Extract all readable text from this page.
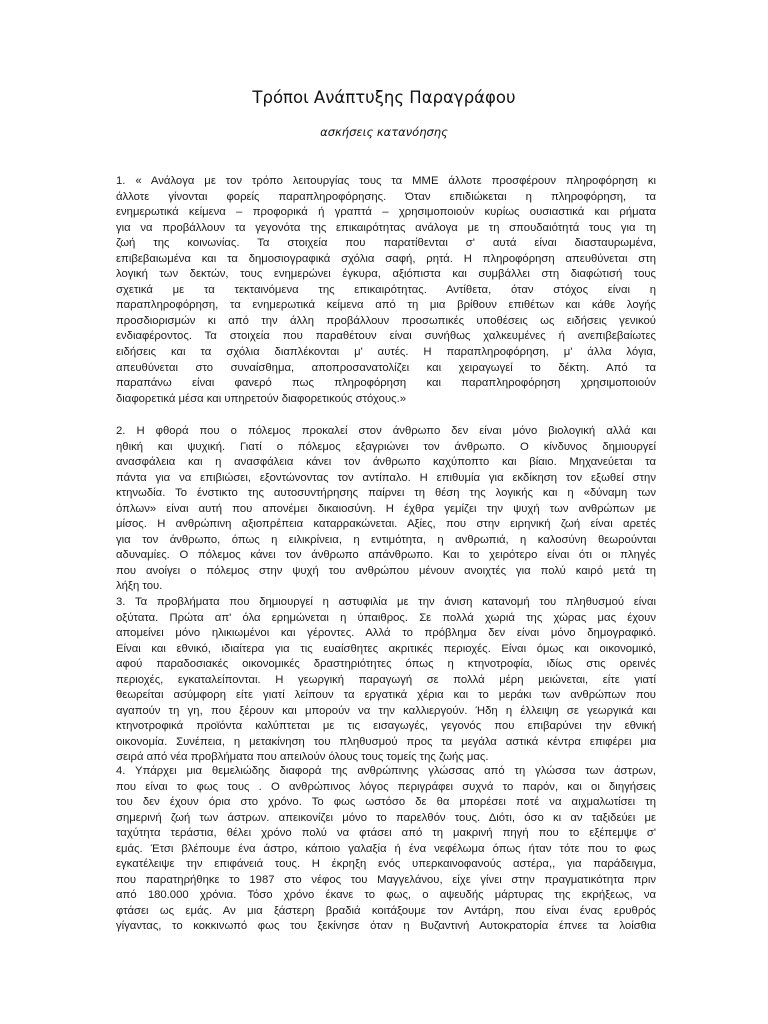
Τρόποι Ανάπτυξης Παραγράφου
ασκήσεις κατανόησης
1. « Ανάλογα με τον τρόπο λειτουργίας τους τα ΜΜΕ άλλοτε προσφέρουν πληροφόρηση κι
άλλοτε γίνονται φορείς παραπληροφόρησης. Όταν επιδιώκεται η πληροφόρηση, τα
ενημερωτικά κείμενα – προφορικά ή γραπτά – χρησιμοποιούν κυρίως ουσιαστικά και ρήματα
για να προβάλλουν τα γεγονότα της επικαιρότητας ανάλογα με τη σπουδαιότητά τους για τη
ζωή της κοινωνίας. Τα στοιχεία που παρατίθενται σ' αυτά είναι διασταυρωμένα,
επιβεβαιωμένα και τα δημοσιογραφικά σχόλια σαφή, ρητά. Η πληροφόρηση απευθύνεται στη
λογική των δεκτών, τους ενημερώνει έγκυρα, αξιόπιστα και συμβάλλει στη διαφώτισή τους
σχετικά με τα τεκταινόμενα της επικαιρότητας. Αντίθετα, όταν στόχος είναι η
παραπληροφόρηση, τα ενημερωτικά κείμενα από τη μια βρίθουν επιθέτων και κάθε λογής
προσδιορισμών κι από την άλλη προβάλλουν προσωπικές υποθέσεις ως ειδήσεις γενικού
ενδιαφέροντος. Τα στοιχεία που παραθέτουν είναι συνήθως χαλκευμένες ή ανεπιβεβαίωτες
ειδήσεις και τα σχόλια διαπλέκονται μ' αυτές. Η παραπληροφόρηση, μ' άλλα λόγια,
απευθύνεται στο συναίσθημα, αποπροσανατολίζει και χειραγωγεί το δέκτη. Από τα
παραπάνω είναι φανερό πως πληροφόρηση και παραπληροφόρηση χρησιμοποιούν
διαφορετικά μέσα και υπηρετούν διαφορετικούς στόχους.»
2. Η φθορά που ο πόλεμος προκαλεί στον άνθρωπο δεν είναι μόνο βιολογική αλλά και
ηθική και ψυχική. Γιατί ο πόλεμος εξαγριώνει τον άνθρωπο. Ο κίνδυνος δημιουργεί
ανασφάλεια και η ανασφάλεια κάνει τον άνθρωπο καχύποπτο και βίαιο. Μηχανεύεται τα
πάντα για να επιβιώσει, εξοντώνοντας τον αντίπαλο. Η επιθυμία για εκδίκηση τον εξωθεί στην
κτηνωδία. Το ένστικτο της αυτοσυντήρησης παίρνει τη θέση της λογικής και η «δύναμη των
όπλων» είναι αυτή που απονέμει δικαιοσύνη. Η έχθρα γεμίζει την ψυχή των ανθρώπων με
μίσος. Η ανθρώπινη αξιοπρέπεια καταρρακώνεται. Αξίες, που στην ειρηνική ζωή είναι αρετές
για τον άνθρωπο, όπως η ειλικρίνεια, η εντιμότητα, η ανθρωπιά, η καλοσύνη θεωρούνται
αδυναμίες. Ο πόλεμος κάνει τον άνθρωπο απάνθρωπο. Και το χειρότερο είναι ότι οι πληγές
που ανοίγει ο πόλεμος στην ψυχή του ανθρώπου μένουν ανοιχτές για πολύ καιρό μετά τη
λήξη του.
3. Τα προβλήματα που δημιουργεί η αστυφιλία με την άνιση κατανομή του πληθυσμού είναι
οξύτατα. Πρώτα απ' όλα ερημώνεται η ύπαιθρος. Σε πολλά χωριά της χώρας μας έχουν
απομείνει μόνο ηλικιωμένοι και γέροντες. Αλλά το πρόβλημα δεν είναι μόνο δημογραφικό.
Είναι και εθνικό, ιδιαίτερα για τις ευαίσθητες ακριτικές περιοχές. Είναι όμως και οικονομικό,
αφού παραδοσιακές οικονομικές δραστηριότητες όπως η κτηνοτροφία, ιδίως στις ορεινές
περιοχές, εγκαταλείπονται. Η γεωργική παραγωγή σε πολλά μέρη μειώνεται, είτε γιατί
θεωρείται ασύμφορη είτε γιατί λείπουν τα εργατικά χέρια και το μεράκι των ανθρώπων που
αγαπούν τη γη, που ξέρουν και μπορούν να την καλλιεργούν. Ήδη η έλλειψη σε γεωργικά και
κτηνοτροφικά προϊόντα καλύπτεται με τις εισαγωγές, γεγονός που επιβαρύνει την εθνική
οικονομία. Συνέπεια, η μετακίνηση του πληθυσμού προς τα μεγάλα αστικά κέντρα επιφέρει μια
σειρά από νέα προβλήματα που απειλούν όλους τους τομείς της ζωής μας.
4. Υπάρχει μια θεμελιώδης διαφορά της ανθρώπινης γλώσσας από τη γλώσσα των άστρων,
που είναι το φως τους . Ο ανθρώπινος λόγος περιγράφει συχνά το παρόν, και οι διηγήσεις
του δεν έχουν όρια στο χρόνο. Το φως ωστόσο δε θα μπορέσει ποτέ να αιχμαλωτίσει τη
σημερινή ζωή των άστρων. απεικονίζει μόνο το παρελθόν τους. Διότι, όσο κι αν ταξιδεύει με
ταχύτητα τεράστια, θέλει χρόνο πολύ να φτάσει από τη μακρινή πηγή που το εξέπεμψε σ'
εμάς. Έτσι βλέπουμε ένα άστρο, κάποιο γαλαξία ή ένα νεφέλωμα όπως ήταν τότε που το φως
εγκατέλειψε την επιφάνειά τους. Η έκρηξη ενός υπερκαινοφανούς αστέρα,, για παράδειγμα,
που παρατηρήθηκε το 1987 στο νέφος του Μαγγελάνου, είχε γίνει στην πραγματικότητα πριν
από 180.000 χρόνια. Τόσο χρόνο έκανε το φως, ο αψευδής μάρτυρας της εκρήξεως, να
φτάσει ως εμάς. Αν μια ξάστερη βραδιά κοιτάξουμε τον Αντάρη, που είναι ένας ερυθρός
γίγαντας, το κοκκινωπό φως του ξεκίνησε όταν η Βυζαντινή Αυτοκρατορία έπνεε τα λοίσθια
